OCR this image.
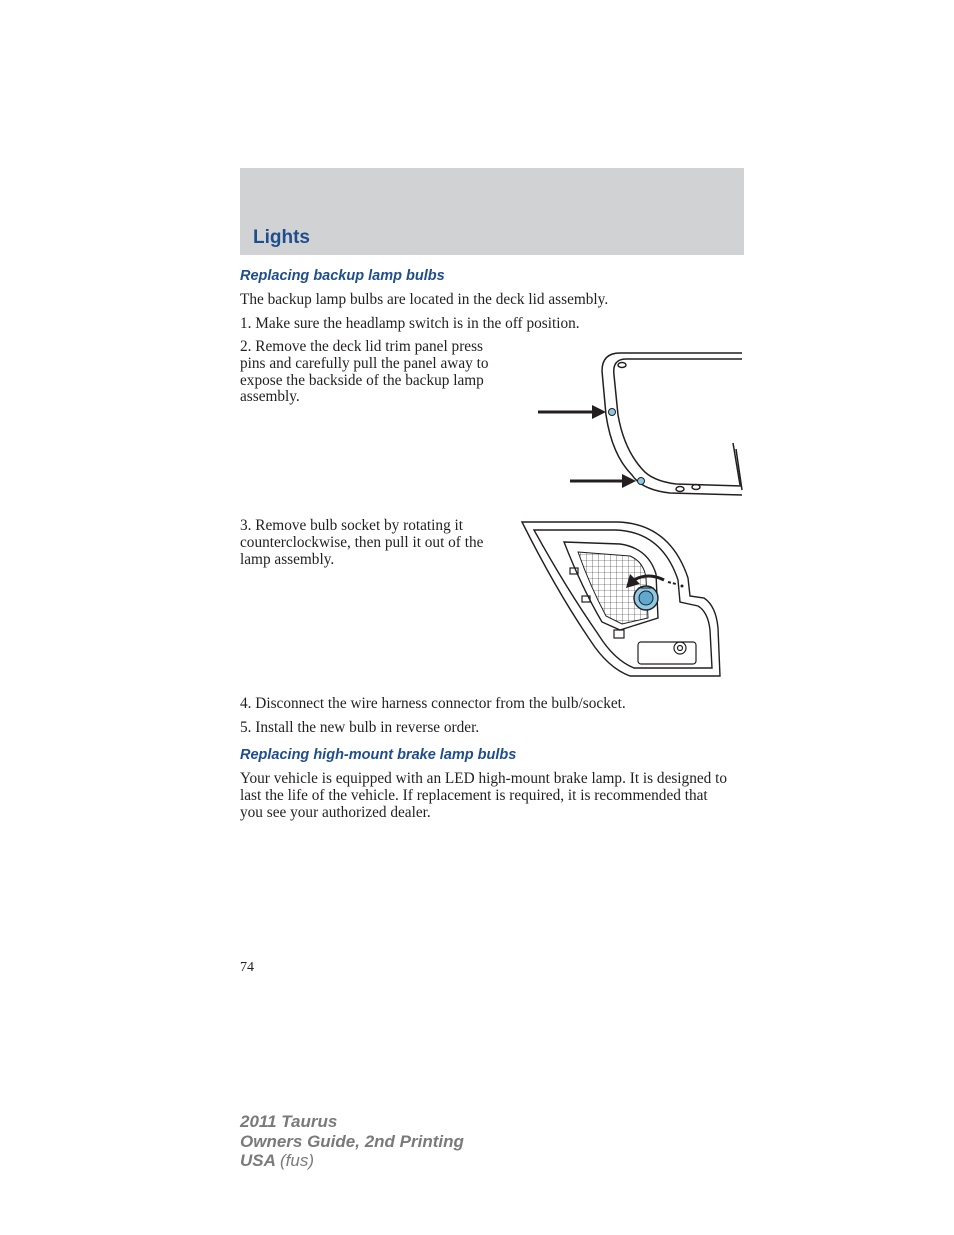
Lights
Replacing backup lamp bulbs
The backup lamp bulbs are located in the deck lid assembly.
1. Make sure the headlamp switch is in the off position.
2. Remove the deck lid trim panel press pins and carefully pull the panel away to expose the backside of the backup lamp assembly.
3. Remove bulb socket by rotating it counterclockwise, then pull it out of the lamp assembly.
4. Disconnect the wire harness connector from the bulb/socket.
5. Install the new bulb in reverse order.
Replacing high-mount brake lamp bulbs
Your vehicle is equipped with an LED high-mount brake lamp. It is designed to last the life of the vehicle. If replacement is required, it is recommended that you see your authorized dealer.
74
2011 Taurus
Owners Guide, 2nd Printing
USA (fus)
